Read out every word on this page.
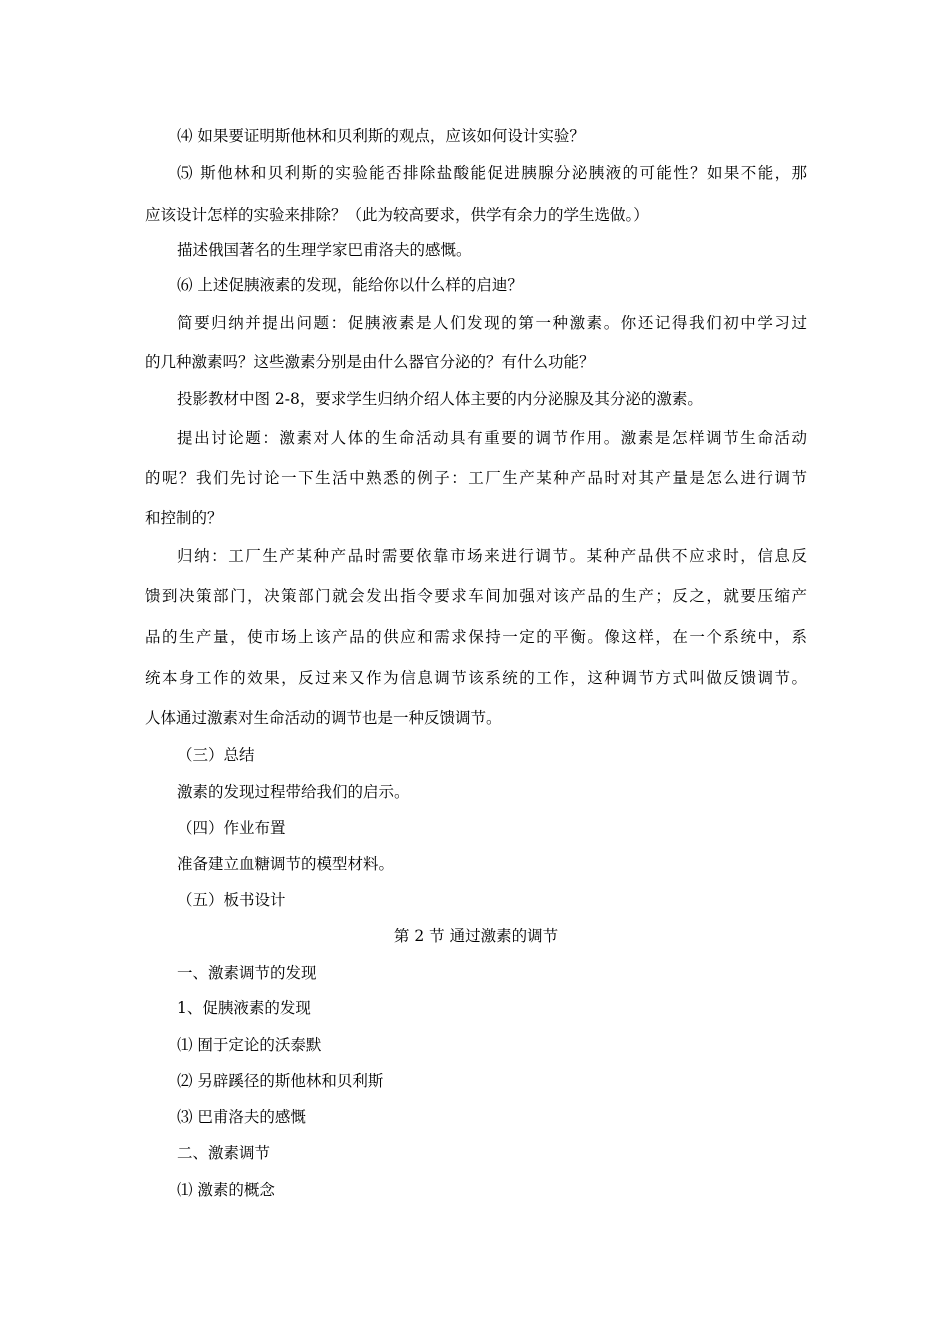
⑷ 如果要证明斯他林和贝利斯的观点，应该如何设计实验？
⑸ 斯他林和贝利斯的实验能否排除盐酸能促进胰腺分泌胰液的可能性？如果不能，那
应该设计怎样的实验来排除？（此为较高要求，供学有余力的学生选做。）
描述俄国著名的生理学家巴甫洛夫的感慨。
⑹ 上述促胰液素的发现，能给你以什么样的启迪？
简要归纳并提出问题：促胰液素是人们发现的第一种激素。你还记得我们初中学习过
的几种激素吗？这些激素分别是由什么器官分泌的？有什么功能？
投影教材中图 2-8，要求学生归纳介绍人体主要的内分泌腺及其分泌的激素。
提出讨论题：激素对人体的生命活动具有重要的调节作用。激素是怎样调节生命活动
的呢？我们先讨论一下生活中熟悉的例子：工厂生产某种产品时对其产量是怎么进行调节
和控制的？
归纳：工厂生产某种产品时需要依靠市场来进行调节。某种产品供不应求时，信息反
馈到决策部门，决策部门就会发出指令要求车间加强对该产品的生产；反之，就要压缩产
品的生产量，使市场上该产品的供应和需求保持一定的平衡。像这样，在一个系统中，系
统本身工作的效果，反过来又作为信息调节该系统的工作，这种调节方式叫做反馈调节。
人体通过激素对生命活动的调节也是一种反馈调节。
（三）总结
激素的发现过程带给我们的启示。
（四）作业布置
准备建立血糖调节的模型材料。
（五）板书设计
第 2 节 通过激素的调节
一、激素调节的发现
1、促胰液素的发现
⑴ 囿于定论的沃泰默
⑵ 另辟蹊径的斯他林和贝利斯
⑶ 巴甫洛夫的感慨
二、激素调节
⑴ 激素的概念
